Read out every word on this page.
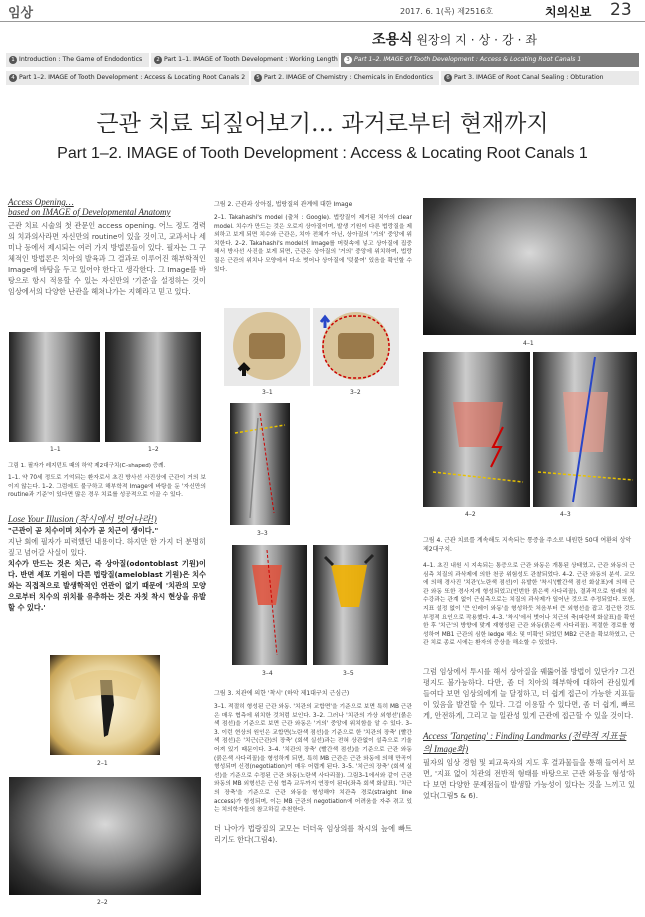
임상	2017. 6. 1(목) 제2516호	치의신보 23
조용식 원장의 지·상·강·좌
1 Introduction : The Game of Endodontics	2 Part 1–1. IMAGE of Tooth Development : Working Length	3 Part 1–2. IMAGE of Tooth Development : Access & Locating Root Canals 1
4 Part 1–2. IMAGE of Tooth Development : Access & Locating Root Canals 2	5 Part 2. IMAGE of Chemistry : Chemicals in Endodontics	6 Part 3. IMAGE of Root Canal Sealing : Obturation
근관 치료 되짚어보기… 과거로부터 현재까지
Part 1–2. IMAGE of Tooth Development : Access & Locating Root Canals 1
Access Opening…
based on IMAGE of Developmental Anatomy

근관 치료 시술의 첫 관문인 access opening. 어느 정도 경력의 치과의사라면 자신만의 routine이 있을 것이고, 교과서나 세미나 등에서 제시되는 여러 가지 방법론들이 있다. 필자는 그 구체적인 방법론은 치아의 발육과 그 결과로 이루어진 해부학적인 Image에 바탕을 두고 있어야 한다고 생각한다. 그 Image를 바탕으로 항시 적용할 수 있는 자신만의 '기준'을 설정하는 것이 임상에서의 다양한 난관을 헤쳐나가는 지혜라고 믿고 있다.

1–1	1–2
그림 1. 필자가 레지던트 때의 하악 제2대구치(C–shaped) 증례.

1–1. 약 70세 정도로 기억되는 환자로서 초진 방사선 사진상에 근관이 거의 보이지 않는다. 1–2. 그럼에도 불구하고 해부학적 Image에 바탕을 둔 '자신만의 routine과 기준'이 있다면 많은 경우 치료를 성공적으로 이끌 수 있다.

Lose Your Illusion (착시에서 벗어나라!)

"근관이 곧 치수이며 치수가 곧 치근이 생이다."

지난 회에 필자가 피력했던 내용이다. 하지만 한 가지 더 분명히 짚고 넘어갈 사실이 있다.

치수가 만드는 것은 치근, 즉 상아질(odontoblast 기원)이다. 반면 세포 기원이 다른 법랑질(ameloblast 기원)은 치수와는 직접적으로 발생학적인 연관이 없기 때문에 '치관의 모양으로부터 치수의 위치를 유추하는 것은 자칫 착시 현상을 유발할 수 있다.'

2–1
2–2
그림 2. 근관과 상아질, 법랑질의 관계에 대한 Image

2–1. Takahashi's model (출처 : Google). 법랑질이 제거된 치아의 clear model. 치수가 만드는 것은 오로지 상아질이며, 발생 기원이 다른 법랑질을 제외하고 보게 되면 치수와 근관은, 치아 전체가 아닌, 상아질의 '거의' 중앙에 위치한다. 2–2. Takahashi's model의 Image를 머릿속에 넣고 상아질에 집중해서 방사선 사진을 보게 되면, 근관은 상아질의 '거의' 중앙에 위치하며, 법랑질은 근관의 위치나 모양에서 다소 벗어나 상아질에 '덧붙여' 있음을 확인할 수 있다.

3–1	3–2
3–3
3–4	3–5
그림 3. 치관에 의한 '착시' (하악 제1대구치 근심근)

3–1. 적절히 형성된 근관 와동. '치관의 교합면'을 기준으로 보면 특히 MB 근관은 매우 협측에 위치한 것처럼 보인다. 3–2. 그러나 '치관의 가상 외형선'(붉은색 점선)을 기준으로 보면 근관 와동은 '거의' 중앙에 위치함을 알 수 있다. 3–3. 이런 현상의 원인은 교합면(노란색 점선)을 기준으로 한 '치관의 장축' (빨간색 점선)은 '치근(근관)의 장축' (회색 실선)과는 전혀 상관없이 설측으로 기울어져 있기 때문이다. 3–4. '치관의 장축' (빨간색 점선)을 기준으로 근관 와동(붉은색 사다리꼴)을 형성하게 되면, 특히 MB 근관은 근관 와동에 의해 만곡이 형성되며 신경(negotiation)이 매우 어렵게 된다. 3–5. '치근의 장축' (회색 실선)을 기준으로 수정된 근관 와동(노란색 사다리꼴). 그림3–1에서와 같이 근관 와동의 MB 외형선은 근심 협측 교두까지 연장이 된다(좌측 회색 화살표). '치근의 장축'을 기준으로 근관 와동을 형성해야 치관측 경로(straight line access)가 형성되며, 이는 MB 근관의 negotiation에 어려움을 자주 겪고 있는 치의학자들의 참고하길 추천한다.

더 나아가 법랑질의 교모는 더더욱 임상의를 착시의 늪에 빠트리기도 한다(그림4).

4–1
4–2	4–3
그림 4. 근관 치료를 계속해도 지속되는 통증을 주소로 내원한 50대 여환의 상악 제2대구치.

4–1. 초진 내원 시 지속되는 통증으로 근관 와동은 개통된 상태였고, 근관 와동의 근심측 치질의 과삭제에 의한 천공 위험성도 관찰되었다. 4–2. 근관 와동의 분석. 교모에 의해 경사진 '치관'(노란색 점선)이 유발한 '착시'(빨간색 점선 화살표)에 의해 근관 와동 또한 경사지게 형성되었고(빈번한 붉은색 사다리꼴), 결과적으로 원래의 치수강과는 관계 없이 근심측으로는 치질의 과삭제가 일어난 것으로 추정되었다. 또한, 지표 설정 없이 '큰 인레이 와동'을 형성하듯 처음부터 큰 외형선을 잡고 접근한 것도 부정적 요인으로 작용했다. 4–3. '착시'에서 벗어나 치근의 축(파란색 화살표)을 확인한 후 '치근'의 방향에 맞게 재형성된 근관 와동(붉은색 사다리꼴). 적절한 경로를 형성하여 MB1 근관의 심한 ledge 해소 및 미확인 되었던 MB2 근관을 확보하였고, 근관 치료 종료 시에는 환자의 증상을 해소할 수 있었다.

그럼 임상에서 투시를 해서 상아질을 꿰뚫어볼 방법이 있단가? 그건 평지도 불가능하다. 다만, 좀 더 치아의 해부학에 대하여 관심있게 들여다 보면 임상의에게 늘 달정하고, 더 쉽게 접근이 가능한 지표들이 있음을 발견할 수 있다. 그걸 이용할 수 있다면, 좀 더 쉽게, 빠르게, 안전하게, 그리고 늘 일관성 있게 근관에 접근할 수 있을 것이다.

Access 'Targeting' : Finding Landmarks (전략적 지표들의 Image화)

필자의 임상 경험 및 피교육자의 지도 후 결과물들을 통해 들여서 보면, '지표 없이 치관의 전반적 형태를 바탕으로 근관 와동을 형성'하다 보면 다양한 문제점들이 발생할 가능성이 있다는 것을 느끼고 있었다(그림5 & 6).
